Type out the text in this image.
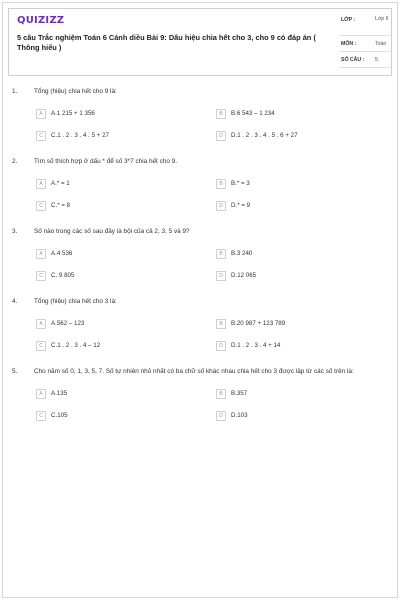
QUIZIZZ
5 câu Trắc nghiệm Toán 6 Cánh diều Bài 9: Dấu hiệu chia hết cho 3, cho 9 có đáp án ( Thông hiểu )
LỚP :	Lớp 6
MÔN :	Toán
SỐ CÂU : 5
1.	Tổng (hiệu) chia hết cho 9 là:
A	A.1 215 + 1 356	B	B.6 543 – 1 234
C	C.1 . 2 . 3 . 4 . 5 + 27	D	D.1 . 2 . 3 . 4 . 5 . 6 + 27
2.	Tìm số thích hợp ở dấu * để số 3*7 chia hết cho 9.
A	A.* = 1	B	B.* = 3
C	C.* = 8	D	D.* = 9
3.	Số nào trong các số sau đây là bội của cả 2, 3, 5 và 9?
A	A.4 536	B	B.3 240
C	C. 9 805	D	D.12 065
4.	Tổng (hiệu) chia hết cho 3 là:
A	A.562 – 123	B	B.20 987 + 123 789
C	C.1 . 2 . 3 . 4 – 12	D	D.1 . 2 . 3 . 4 + 14
5.	Cho năm số 0, 1, 3, 5, 7. Số tự nhiên nhỏ nhất có ba chữ số khác nhau chia hết cho 3 được lập từ các số trên là:
A	A.135	B	B.357
C	C.105	D	D.103
